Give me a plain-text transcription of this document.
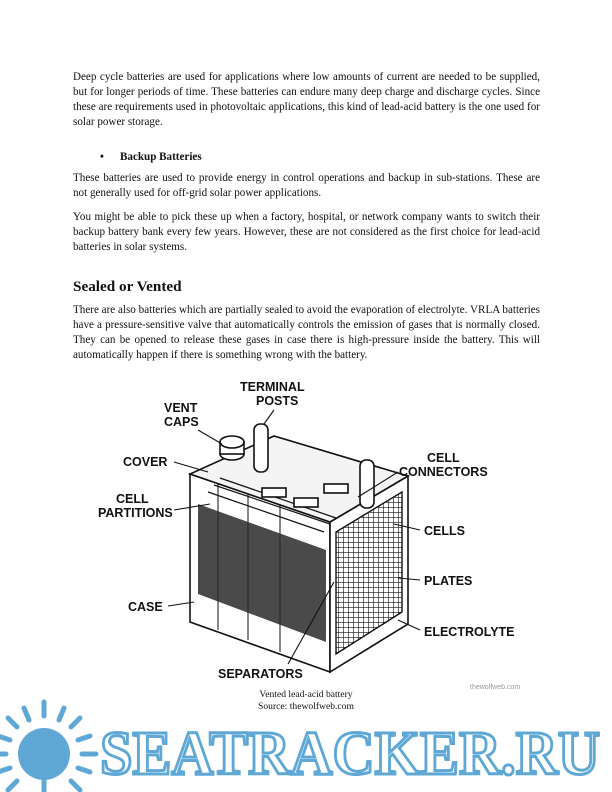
Deep cycle batteries are used for applications where low amounts of current are needed to be supplied, but for longer periods of time. These batteries can endure many deep charge and discharge cycles. Since these are requirements used in photovoltaic applications, this kind of lead-acid battery is the one used for solar power storage.

• Backup Batteries

These batteries are used to provide energy in control operations and backup in sub-stations. These are not generally used for off-grid solar power applications.

You might be able to pick these up when a factory, hospital, or network company wants to switch their backup battery bank every few years. However, these are not considered as the first choice for lead-acid batteries in solar systems.

Sealed or Vented

There are also batteries which are partially sealed to avoid the evaporation of electrolyte. VRLA batteries have a pressure-sensitive valve that automatically controls the emission of gases that is normally closed. They can be opened to release these gases in case there is high-pressure inside the battery. This will automatically happen if there is something wrong with the battery.

TERMINAL
POSTS
VENT
CAPS
COVER	CELL
CONNECTORS
CELL
PARTITIONS
CELLS
PLATES
CASE
ELECTROLYTE
SEPARATORS
thewolfweb.com

Vented lead-acid battery

Source: thewolfweb.com

SEATRACKER.RU
